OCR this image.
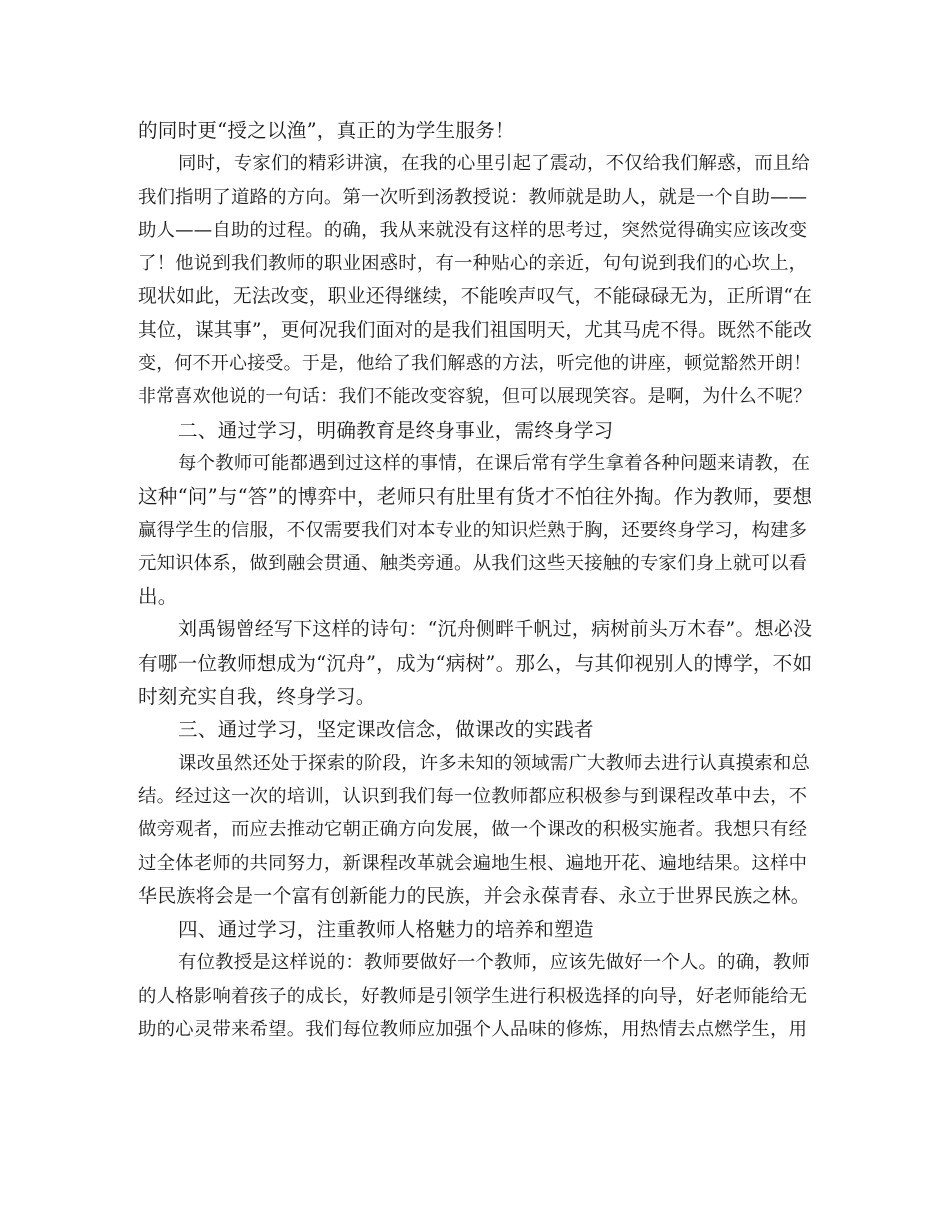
的同时更“授之以渔”，真正的为学生服务！
同时，专家们的精彩讲演，在我的心里引起了震动，不仅给我们解惑，而且给
我们指明了道路的方向。第一次听到汤教授说：教师就是助人，就是一个自助——
助人——自助的过程。的确，我从来就没有这样的思考过，突然觉得确实应该改变
了！他说到我们教师的职业困惑时，有一种贴心的亲近，句句说到我们的心坎上，
现状如此，无法改变，职业还得继续，不能唉声叹气，不能碌碌无为，正所谓“在
其位，谋其事”，更何况我们面对的是我们祖国明天，尤其马虎不得。既然不能改
变，何不开心接受。于是，他给了我们解惑的方法，听完他的讲座，顿觉豁然开朗！
非常喜欢他说的一句话：我们不能改变容貌，但可以展现笑容。是啊，为什么不呢？
二、通过学习，明确教育是终身事业，需终身学习
每个教师可能都遇到过这样的事情，在课后常有学生拿着各种问题来请教，在
这种“问”与“答”的博弈中，老师只有肚里有货才不怕往外掏。作为教师，要想
赢得学生的信服，不仅需要我们对本专业的知识烂熟于胸，还要终身学习，构建多
元知识体系，做到融会贯通、触类旁通。从我们这些天接触的专家们身上就可以看
出。
刘禹锡曾经写下这样的诗句：“沉舟侧畔千帆过，病树前头万木春”。想必没
有哪一位教师想成为“沉舟”，成为“病树”。那么，与其仰视别人的博学，不如
时刻充实自我，终身学习。
三、通过学习，坚定课改信念，做课改的实践者
课改虽然还处于探索的阶段，许多未知的领域需广大教师去进行认真摸索和总
结。经过这一次的培训，认识到我们每一位教师都应积极参与到课程改革中去，不
做旁观者，而应去推动它朝正确方向发展，做一个课改的积极实施者。我想只有经
过全体老师的共同努力，新课程改革就会遍地生根、遍地开花、遍地结果。这样中
华民族将会是一个富有创新能力的民族，并会永葆青春、永立于世界民族之林。
四、通过学习，注重教师人格魅力的培养和塑造
有位教授是这样说的：教师要做好一个教师，应该先做好一个人。的确，教师
的人格影响着孩子的成长，好教师是引领学生进行积极选择的向导，好老师能给无
助的心灵带来希望。我们每位教师应加强个人品味的修炼，用热情去点燃学生，用
